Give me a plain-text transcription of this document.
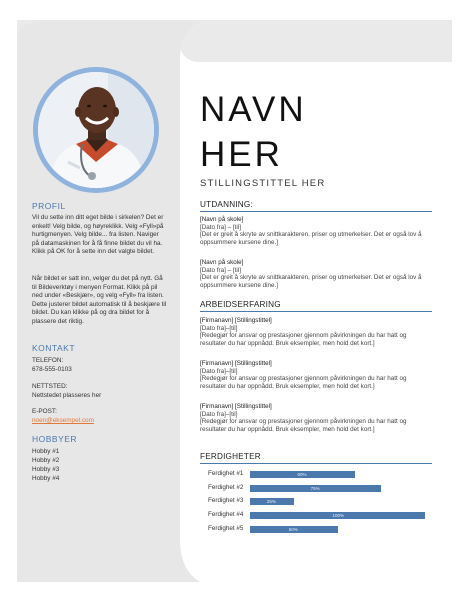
NAVN
HER
STILLINGSTITTEL HER
PROFIL
Vil du sette inn ditt eget bilde i sirkelen? Det er enkelt! Velg bilde, og høyreklikk. Velg «Fyll»på hurtigmenyen. Velg bilde... fra listen. Naviger på datamaskinen for å få finne bildet du vil ha. Klikk på OK for å sette inn det valgte bildet.
Når bildet er satt inn, velger du det på nytt. Gå til Bildeverktøy i menyen Format. Klikk på pil ned under «Beskjær», og velg «Fyll» fra listen. Dette justerer bildet automatisk til å beskjære til bildet. Du kan klikke på og dra bildet for å plassere det riktig.
KONTAKT
TELEFON:
678-555-0103
NETTSTED:
Nettstedet plasseres her
E-POST:
noen@eksempel.com
HOBBYER
Hobby #1
Hobby #2
Hobby #3
Hobby #4
UTDANNING:
[Navn på skole]
[Dato fra] – [til]
[Det er greit å skryte av snittkarakteren, priser og utmerkelser. Det er også lov å oppsummere kursene dine.]
[Navn på skole]
[Dato fra] – [til]
[Det er greit å skryte av snittkarakteren, priser og utmerkelser. Det er også lov å oppsummere kursene dine.]
ARBEIDSERFARING
[Firmanavn] [Stillingstittel]
[Dato fra]–[til]
[Redegjør for ansvar og prestasjoner gjennom påvirkningen du har hatt og resultater du har oppnådd. Bruk eksempler, men hold det kort.]
[Firmanavn] [Stillingstittel]
[Dato fra]–[til]
[Redegjør for ansvar og prestasjoner gjennom påvirkningen du har hatt og resultater du har oppnådd. Bruk eksempler, men hold det kort.]
[Firmanavn] [Stillingstittel]
[Dato fra]–[til]
[Redegjør for ansvar og prestasjoner gjennom påvirkningen du har hatt og resultater du har oppnådd. Bruk eksempler, men hold det kort.]
FERDIGHETER
Ferdighet #1	60%
Ferdighet #2	75%
Ferdighet #3	25%
Ferdighet #4	100%
Ferdighet #5	50%
